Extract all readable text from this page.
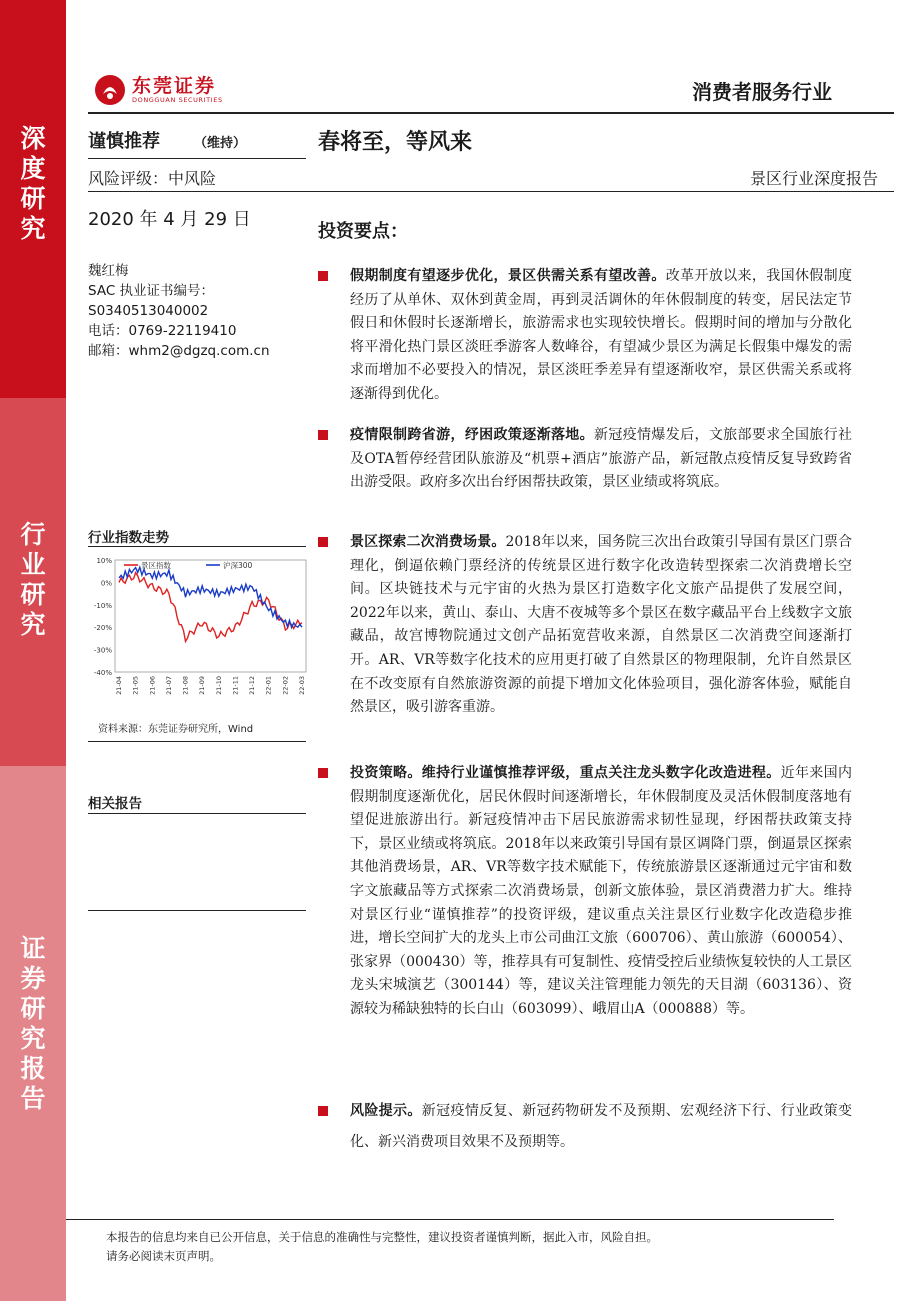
深度研究
行业研究
证券研究报告
东莞证券
DONGGUAN SECURITIES	消费者服务行业
谨慎推荐	（维持）	春将至，等风来
风险评级：中风险	景区行业深度报告
2020 年 4 月 29 日
投资要点：
魏红梅
SAC 执业证书编号：
S0340513040002
电话：0769-22119410
邮箱：whm2@dgzq.com.cn
行业指数走势
10%
0%
-10%
-20%
-30%
-40%
21-04 21-05 21-06 21-07 21-08 21-09 21-10 21-11 21-12 22-01 22-02 22-03
景区指数	沪深300
资料来源：东莞证券研究所，Wind
相关报告
假期制度有望逐步优化，景区供需关系有望改善。改革开放以来，我国休假制度经历了从单休、双休到黄金周，再到灵活调休的年休假制度的转变，居民法定节假日和休假时长逐渐增长，旅游需求也实现较快增长。假期时间的增加与分散化将平滑化热门景区淡旺季游客人数峰谷，有望减少景区为满足长假集中爆发的需求而增加不必要投入的情况，景区淡旺季差异有望逐渐收窄，景区供需关系或将逐渐得到优化。
疫情限制跨省游，纾困政策逐渐落地。新冠疫情爆发后，文旅部要求全国旅行社及OTA暂停经营团队旅游及“机票+酒店”旅游产品，新冠散点疫情反复导致跨省出游受限。政府多次出台纾困帮扶政策，景区业绩或将筑底。
景区探索二次消费场景。2018年以来，国务院三次出台政策引导国有景区门票合理化，倒逼依赖门票经济的传统景区进行数字化改造转型探索二次消费增长空间。区块链技术与元宇宙的火热为景区打造数字化文旅产品提供了发展空间，2022年以来，黄山、泰山、大唐不夜城等多个景区在数字藏品平台上线数字文旅藏品，故宫博物院通过文创产品拓宽营收来源，自然景区二次消费空间逐渐打开。AR、VR等数字化技术的应用更打破了自然景区的物理限制，允许自然景区在不改变原有自然旅游资源的前提下增加文化体验项目，强化游客体验，赋能自然景区，吸引游客重游。
投资策略。维持行业谨慎推荐评级，重点关注龙头数字化改造进程。近年来国内假期制度逐渐优化，居民休假时间逐渐增长，年休假制度及灵活休假制度落地有望促进旅游出行。新冠疫情冲击下居民旅游需求韧性显现，纾困帮扶政策支持下，景区业绩或将筑底。2018年以来政策引导国有景区调降门票，倒逼景区探索其他消费场景，AR、VR等数字技术赋能下，传统旅游景区逐渐通过元宇宙和数字文旅藏品等方式探索二次消费场景，创新文旅体验，景区消费潜力扩大。维持对景区行业“谨慎推荐”的投资评级，建议重点关注景区行业数字化改造稳步推进，增长空间扩大的龙头上市公司曲江文旅（600706）、黄山旅游（600054）、张家界（000430）等，推荐具有可复制性、疫情受控后业绩恢复较快的人工景区龙头宋城演艺（300144）等，建议关注管理能力领先的天目湖（603136）、资源较为稀缺独特的长白山（603099）、峨眉山A（000888）等。
风险提示。新冠疫情反复、新冠药物研发不及预期、宏观经济下行、行业政策变化、新兴消费项目效果不及预期等。
本报告的信息均来自已公开信息，关于信息的准确性与完整性，建议投资者谨慎判断，据此入市，风险自担。
请务必阅读末页声明。
